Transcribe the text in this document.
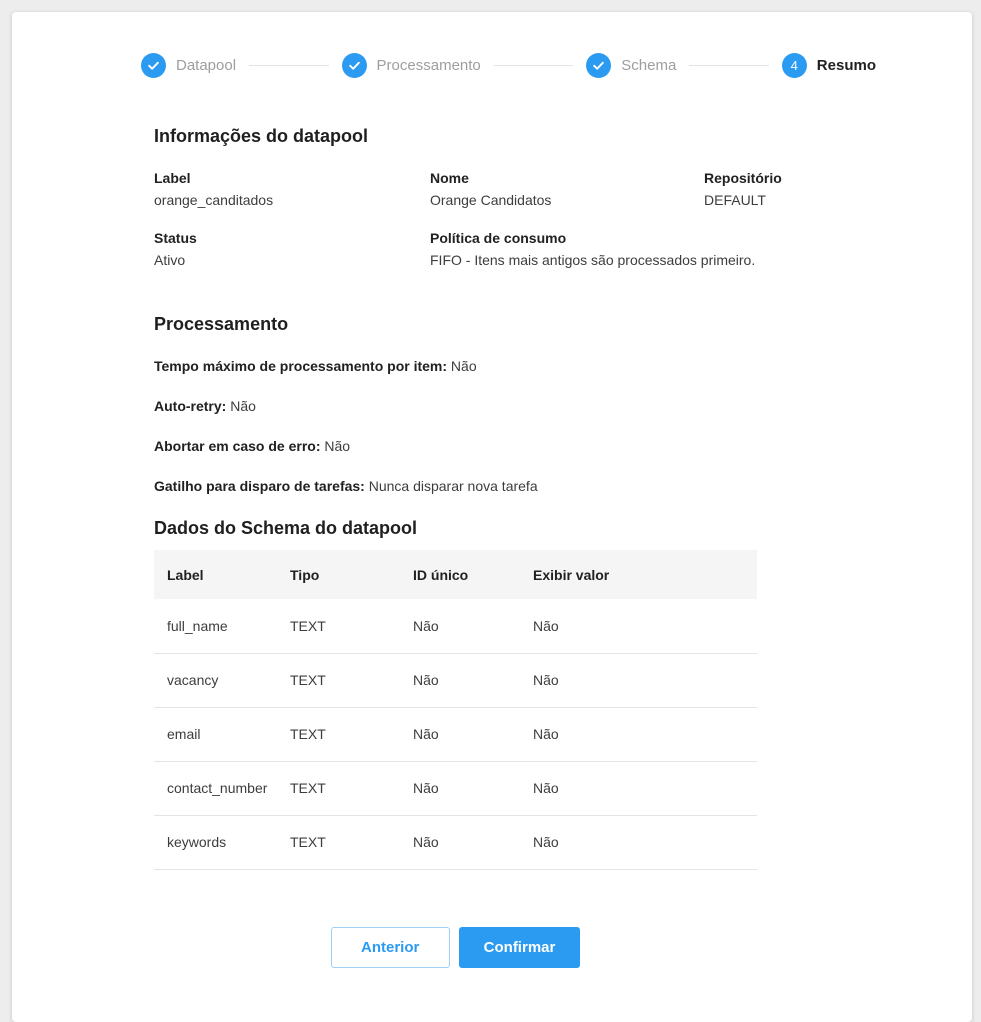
Datapool	Processamento	Schema	4 Resumo
Informações do datapool
Label
orange_canditados
Nome
Orange Candidatos
Repositório
DEFAULT
Status
Ativo
Política de consumo
FIFO - Itens mais antigos são processados primeiro.
Processamento

Tempo máximo de processamento por item: Não

Auto-retry: Não

Abortar em caso de erro: Não

Gatilho para disparo de tarefas: Nunca disparar nova tarefa

Dados do Schema do datapool
Label	Tipo	ID único	Exibir valor
full_name	TEXT	Não	Não
vacancy	TEXT	Não	Não
email	TEXT	Não	Não
contact_number	TEXT	Não	Não
keywords	TEXT	Não	Não
Anterior	Confirmar
